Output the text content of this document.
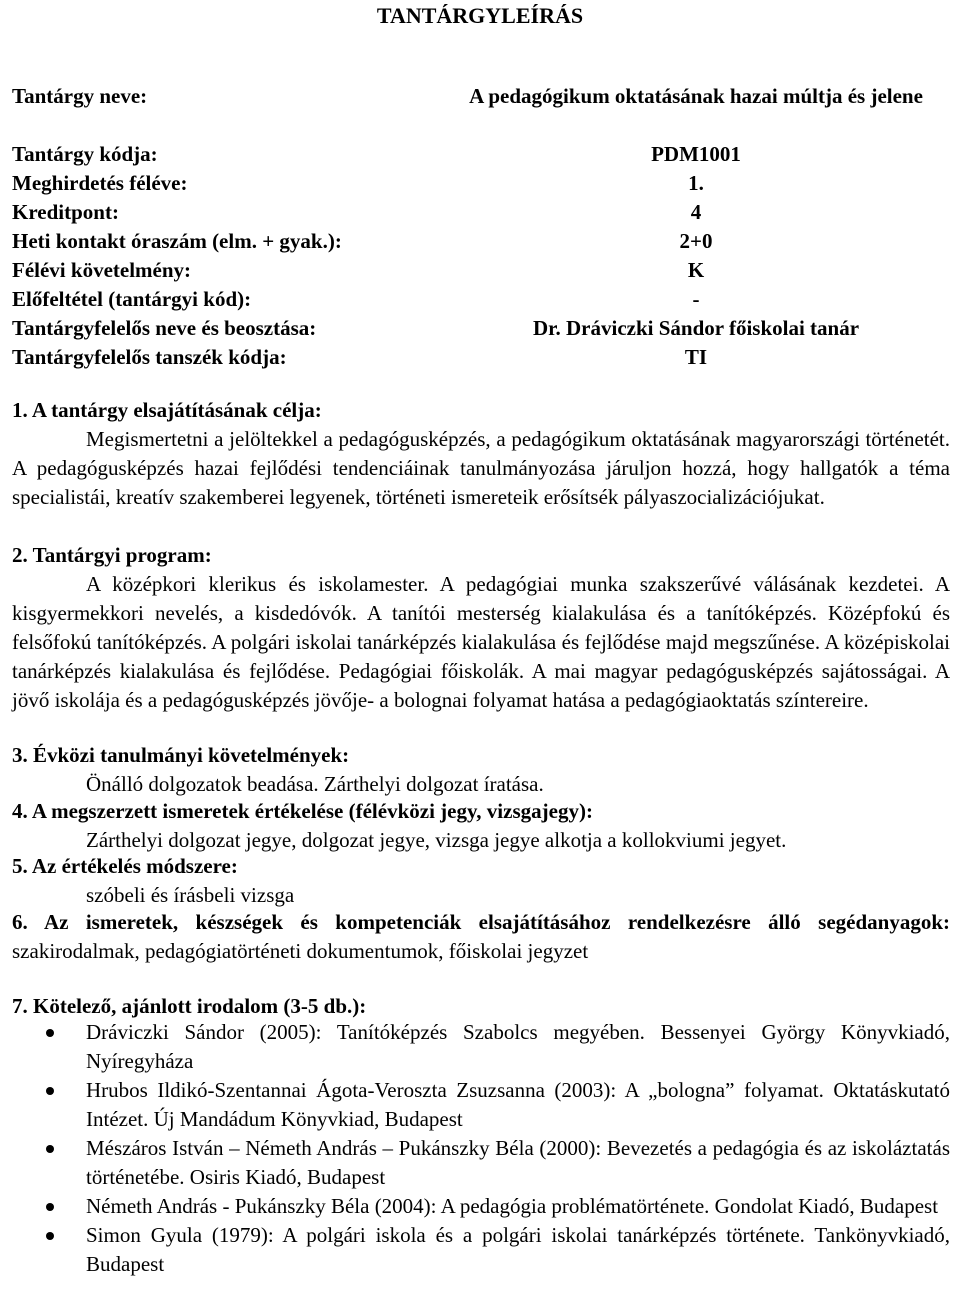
TANTÁRGYLEÍRÁS
Tantárgy neve:	A pedagógikum oktatásának hazai múltja és jelene
Tantárgy kódja:	PDM1001
Meghirdetés féléve:	1.
Kreditpont:	4
Heti kontakt óraszám (elm. + gyak.):	2+0
Félévi követelmény:	K
Előfeltétel (tantárgyi kód):	-
Tantárgyfelelős neve és beosztása:	Dr. Dráviczki Sándor főiskolai tanár
Tantárgyfelelős tanszék kódja:	TI
1. A tantárgy elsajátításának célja:
Megismertetni a jelöltekkel a pedagógusképzés, a pedagógikum oktatásának magyarországi történetét. A pedagógusképzés hazai fejlődési tendenciáinak tanulmányozása járuljon hozzá, hogy hallgatók a téma specialistái, kreatív szakemberei legyenek, történeti ismereteik erősítsék pályaszocializációjukat.
2. Tantárgyi program:
A középkori klerikus és iskolamester. A pedagógiai munka szakszerűvé válásának kezdetei. A kisgyermekkori nevelés, a kisdedóvók. A tanítói mesterség kialakulása és a tanítóképzés. Középfokú és felsőfokú tanítóképzés. A polgári iskolai tanárképzés kialakulása és fejlődése majd megszűnése. A középiskolai tanárképzés kialakulása és fejlődése. Pedagógiai főiskolák. A mai magyar pedagógusképzés sajátosságai. A jövő iskolája és a pedagógusképzés jövője- a bolognai folyamat hatása a pedagógiaoktatás színtereire.
3. Évközi tanulmányi követelmények:
Önálló dolgozatok beadása. Zárthelyi dolgozat íratása.
4. A megszerzett ismeretek értékelése (félévközi jegy, vizsgajegy):
Zárthelyi dolgozat jegye, dolgozat jegye, vizsga jegye alkotja a kollokviumi jegyet.
5. Az értékelés módszere:
szóbeli és írásbeli vizsga
6. Az ismeretek, készségek és kompetenciák elsajátításához rendelkezésre álló segédanyagok: szakirodalmak, pedagógiatörténeti dokumentumok, főiskolai jegyzet
7. Kötelező, ajánlott irodalom (3-5 db.):
Dráviczki Sándor (2005): Tanítóképzés Szabolcs megyében. Bessenyei György Könyvkiadó, Nyíregyháza
Hrubos Ildikó-Szentannai Ágota-Veroszta Zsuzsanna (2003): A „bologna” folyamat. Oktatáskutató Intézet. Új Mandádum Könyvkiad, Budapest
Mészáros István – Németh András – Pukánszky Béla (2000): Bevezetés a pedagógia és az iskoláztatás történetébe. Osiris Kiadó, Budapest
Németh András - Pukánszky Béla (2004): A pedagógia problématörténete. Gondolat Kiadó, Budapest
Simon Gyula (1979): A polgári iskola és a polgári iskolai tanárképzés története. Tankönyvkiadó, Budapest
